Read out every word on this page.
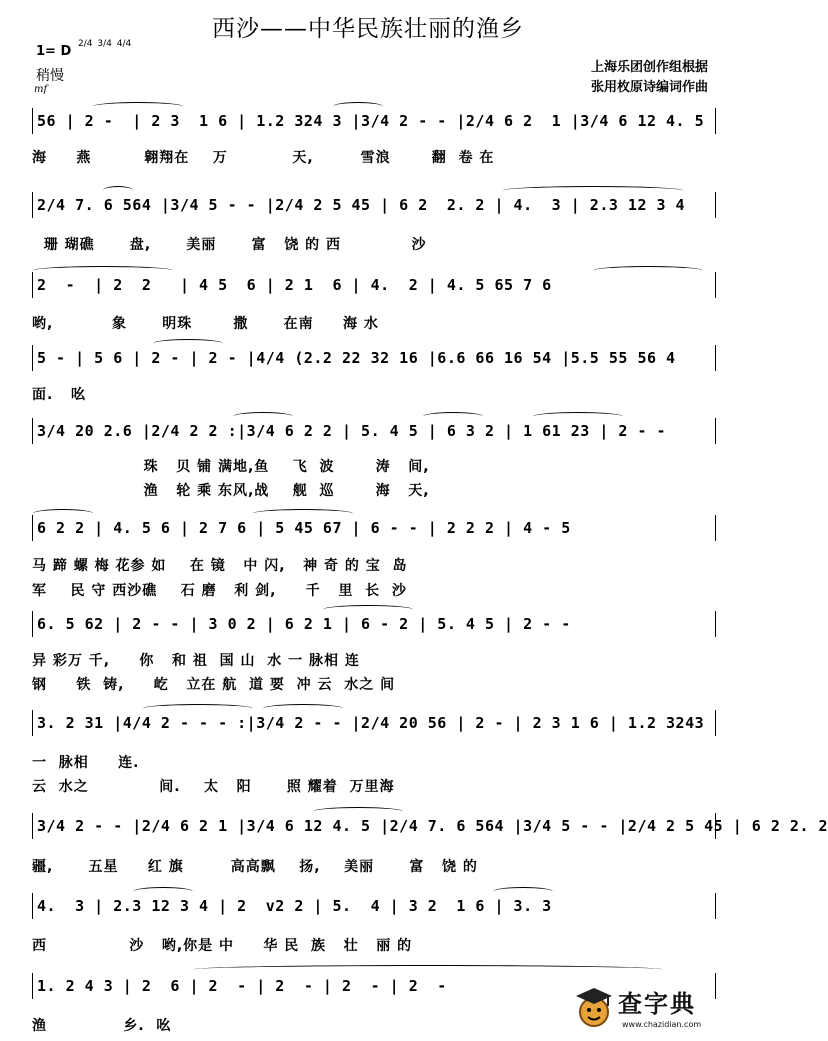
西沙——中华民族壮丽的渔乡
1= D 2/4 3/4 4/4
稍慢
mf
上海乐团创作组根据
张用枚原诗编词作曲
56 | 2 -  | 2 3  1 6 | 1.2 324 3 |3/4 2 - - |2/4 6 2  1 |3/4 6 12 4. 5
2/4 7. 6 564 |3/4 5 - - |2/4 2 5 45 | 6 2  2. 2 | 4.  3 | 2.3 12 3 4
2  -  | 2  2   | 4 5  6 | 2 1  6 | 4.  2 | 4. 5 65 7 6
5 - | 5 6 | 2 - | 2 - |4/4 (2.2 22 32 16 |6.6 66 16 54 |5.5 55 56 4
3/4 20 2.6 |2/4 2 2 :|3/4 6 2 2 | 5. 4 5 | 6 3 2 | 1 61 23 | 2 - -
6 2 2 | 4. 5 6 | 2 7 6 | 5 45 67 | 6 - - | 2 2 2 | 4 - 5
6. 5 62 | 2 - - | 3 0 2 | 6 2 1 | 6 - 2 | 5. 4 5 | 2 - -
3. 2 31 |4/4 2 - - - :|3/4 2 - - |2/4 20 56 | 2 - | 2 3 1 6 | 1.2 3243
3/4 2 - - |2/4 6 2 1 |3/4 6 12 4. 5 |2/4 7. 6 564 |3/4 5 - - |2/4 2 5 45 | 6 2 2. 2
4.  3 | 2.3 12 3 4 | 2  v2 2 | 5.  4 | 3 2  1 6 | 3. 3
1. 2 4 3 | 2  6 | 2  - | 2  - | 2  - | 2  -
海     燕         翱翔在    万           天,        雪浪       翻  卷 在
珊 瑚礁      盘,      美丽      富   饶 的 西            沙
哟,          象      明珠       撒      在南     海 水
面.   吆
珠   贝 铺 满地,鱼    飞  波       涛   间,
渔   轮 乘 东风,战    舰  巡       海   天,
马 蹄 螺 梅 花参 如    在 镜   中 闪,   神 奇 的 宝  岛
军    民 守 西沙礁    石 磨   利 剑,     千   里  长  沙
异 彩万 千,     你   和 祖  国 山  水 一 脉相 连
钢     铁  铸,     屹   立在 航  道 要  冲 云  水之 间
一  脉相     连.
云  水之            间.    太   阳      照 耀着  万里海
疆,      五星     红 旗        高高飘    扬,    美丽      富   饶 的
西              沙   哟,你是 中     华 民  族   壮   丽 的
渔             乡.  吆
查字典
www.chazidian.com
